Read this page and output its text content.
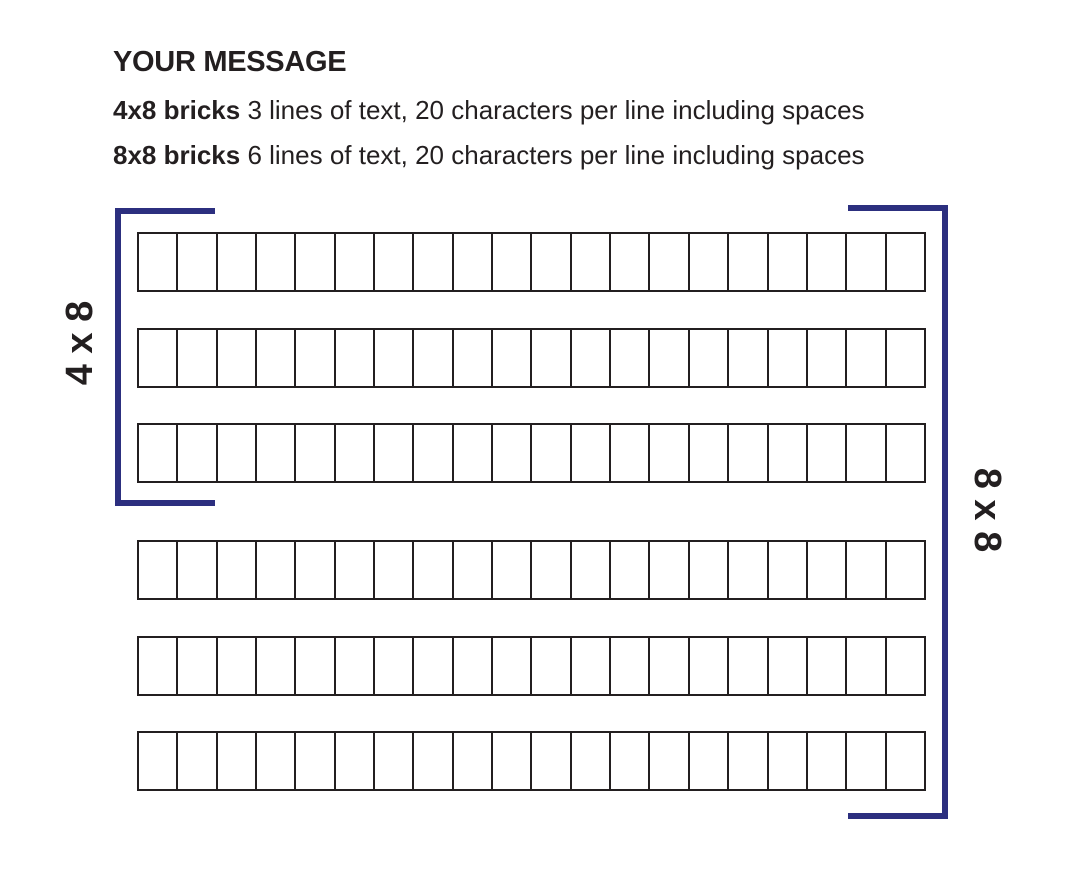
YOUR MESSAGE
4x8 bricks 3 lines of text, 20 characters per line including spaces
8x8 bricks 6 lines of text, 20 characters per line including spaces
4 x 8
8 x 8
